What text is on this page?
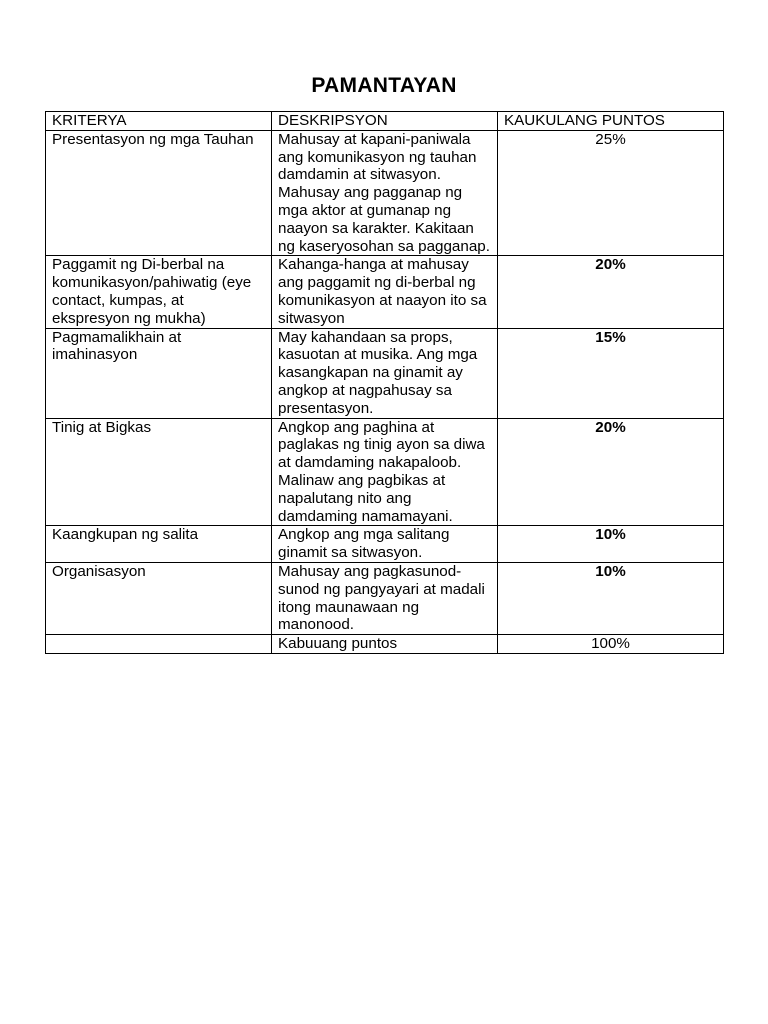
PAMANTAYAN
KRITERYA	DESKRIPSYON	KAUKULANG PUNTOS
Presentasyon ng mga Tauhan	Mahusay at kapani-paniwala ang komunikasyon ng tauhan damdamin at sitwasyon. Mahusay ang pagganap ng mga aktor at gumanap ng naayon sa karakter. Kakitaan ng kaseryosohan sa pagganap.	25%
Paggamit ng Di-berbal na komunikasyon/pahiwatig (eye contact, kumpas, at ekspresyon ng mukha)	Kahanga-hanga at mahusay ang paggamit ng di-berbal ng komunikasyon at naayon ito sa sitwasyon	20%
Pagmamalikhain at imahinasyon	May kahandaan sa props, kasuotan at musika. Ang mga kasangkapan na ginamit ay angkop at nagpahusay sa presentasyon.	15%
Tinig at Bigkas	Angkop ang paghina at paglakas ng tinig ayon sa diwa at damdaming nakapaloob. Malinaw ang pagbikas at napalutang nito ang damdaming namamayani.	20%
Kaangkupan ng salita	Angkop ang mga salitang ginamit sa sitwasyon.	10%
Organisasyon	Mahusay ang pagkasunod-sunod ng pangyayari at madali itong maunawaan ng manonood.	10%
	Kabuuang puntos	100%
